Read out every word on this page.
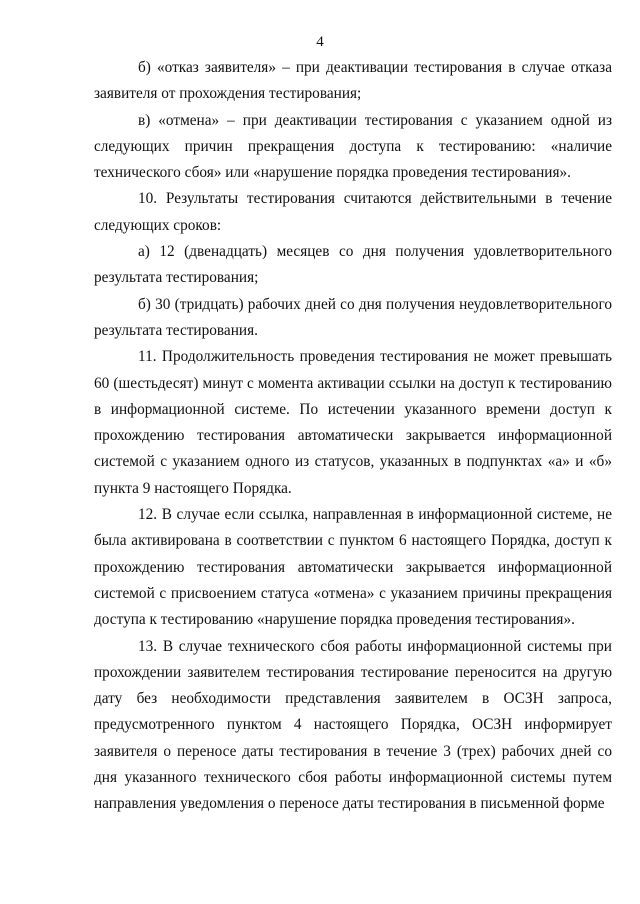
4

б) «отказ заявителя» – при деактивации тестирования в случае отказа заявителя от прохождения тестирования;

в) «отмена» – при деактивации тестирования с указанием одной из следующих причин прекращения доступа к тестированию: «наличие технического сбоя» или «нарушение порядка проведения тестирования».

10. Результаты тестирования считаются действительными в течение следующих сроков:

а) 12 (двенадцать) месяцев со дня получения удовлетворительного результата тестирования;

б) 30 (тридцать) рабочих дней со дня получения неудовлетворительного результата тестирования.

11. Продолжительность проведения тестирования не может превышать 60 (шестьдесят) минут с момента активации ссылки на доступ к тестированию в информационной системе. По истечении указанного времени доступ к прохождению тестирования автоматически закрывается информационной системой с указанием одного из статусов, указанных в подпунктах «а» и «б» пункта 9 настоящего Порядка.

12. В случае если ссылка, направленная в информационной системе, не была активирована в соответствии с пунктом 6 настоящего Порядка, доступ к прохождению тестирования автоматически закрывается информационной системой с присвоением статуса «отмена» с указанием причины прекращения доступа к тестированию «нарушение порядка проведения тестирования».

13. В случае технического сбоя работы информационной системы при прохождении заявителем тестирования тестирование переносится на другую дату без необходимости представления заявителем в ОСЗН запроса, предусмотренного пунктом 4 настоящего Порядка, ОСЗН информирует заявителя о переносе даты тестирования в течение 3 (трех) рабочих дней со дня указанного технического сбоя работы информационной системы путем направления уведомления о переносе даты тестирования в письменной форме
